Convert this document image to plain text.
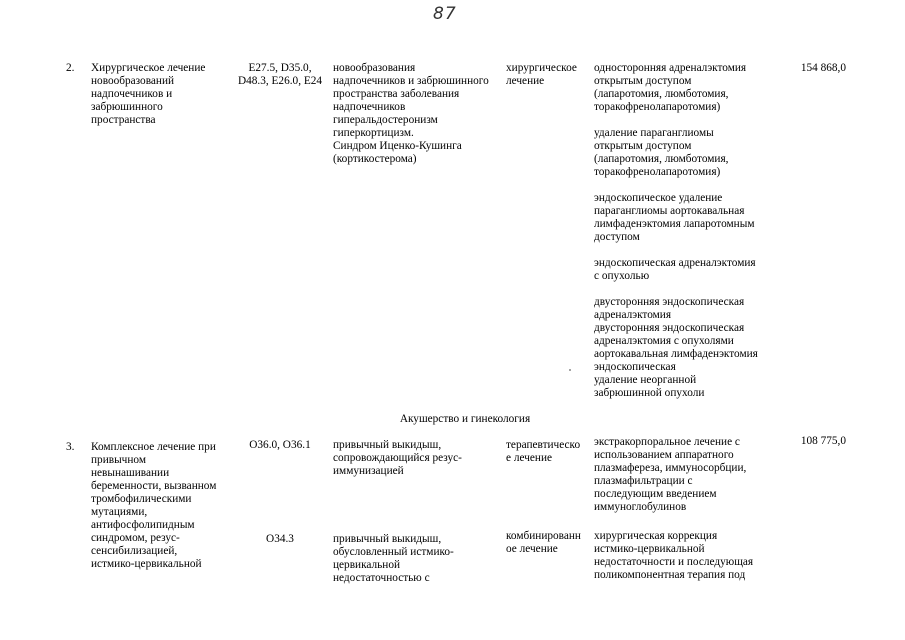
87
2. Хирургическое лечение
новообразований
надпочечников и
забрюшинного
пространства
E27.5, D35.0,
D48.3, E26.0, E24
новообразования
надпочечников и забрюшинного
пространства заболевания
надпочечников
гиперальдостеронизм
гиперкортицизм.
Синдром Иценко-Кушинга
(кортикостерома)
хирургическое
лечение
односторонняя адреналэктомия
открытым доступом
(лапаротомия, люмботомия,
торакофренолапаротомия)
удаление параганглиомы
открытым доступом
(лапаротомия, люмботомия,
торакофренолапаротомия)
эндоскопическое удаление
параганглиомы аортокавальная
лимфаденэктомия лапаротомным
доступом
эндоскопическая адреналэктомия
с опухолью
двусторонняя эндоскопическая
адреналэктомия
двусторонняя эндоскопическая
адреналэктомия с опухолями
аортокавальная лимфаденэктомия
эндоскопическая
удаление неорганной
забрюшинной опухоли
154 868,0
Акушерство и гинекология
3. Комплексное лечение при
привычном
невынашивании
беременности, вызванном
тромбофилическими
мутациями,
антифосфолипидным
синдромом, резус-
сенсибилизацией,
истмико-цервикальной
108 775,0
O36.0, O36.1	привычный выкидыш,
сопровождающийся резус-
иммунизацией
терапевтическо
е лечение
экстракорпоральное лечение с
использованием аппаратного
плазмафереза, иммуносорбции,
плазмафильтрации с
последующим введением
иммуноглобулинов
O34.3	привычный выкидыш,
обусловленный истмико-
цервикальной
недостаточностью с
комбинированн
ое лечение
хирургическая коррекция
истмико-цервикальной
недостаточности и последующая
поликомпонентная терапия под
